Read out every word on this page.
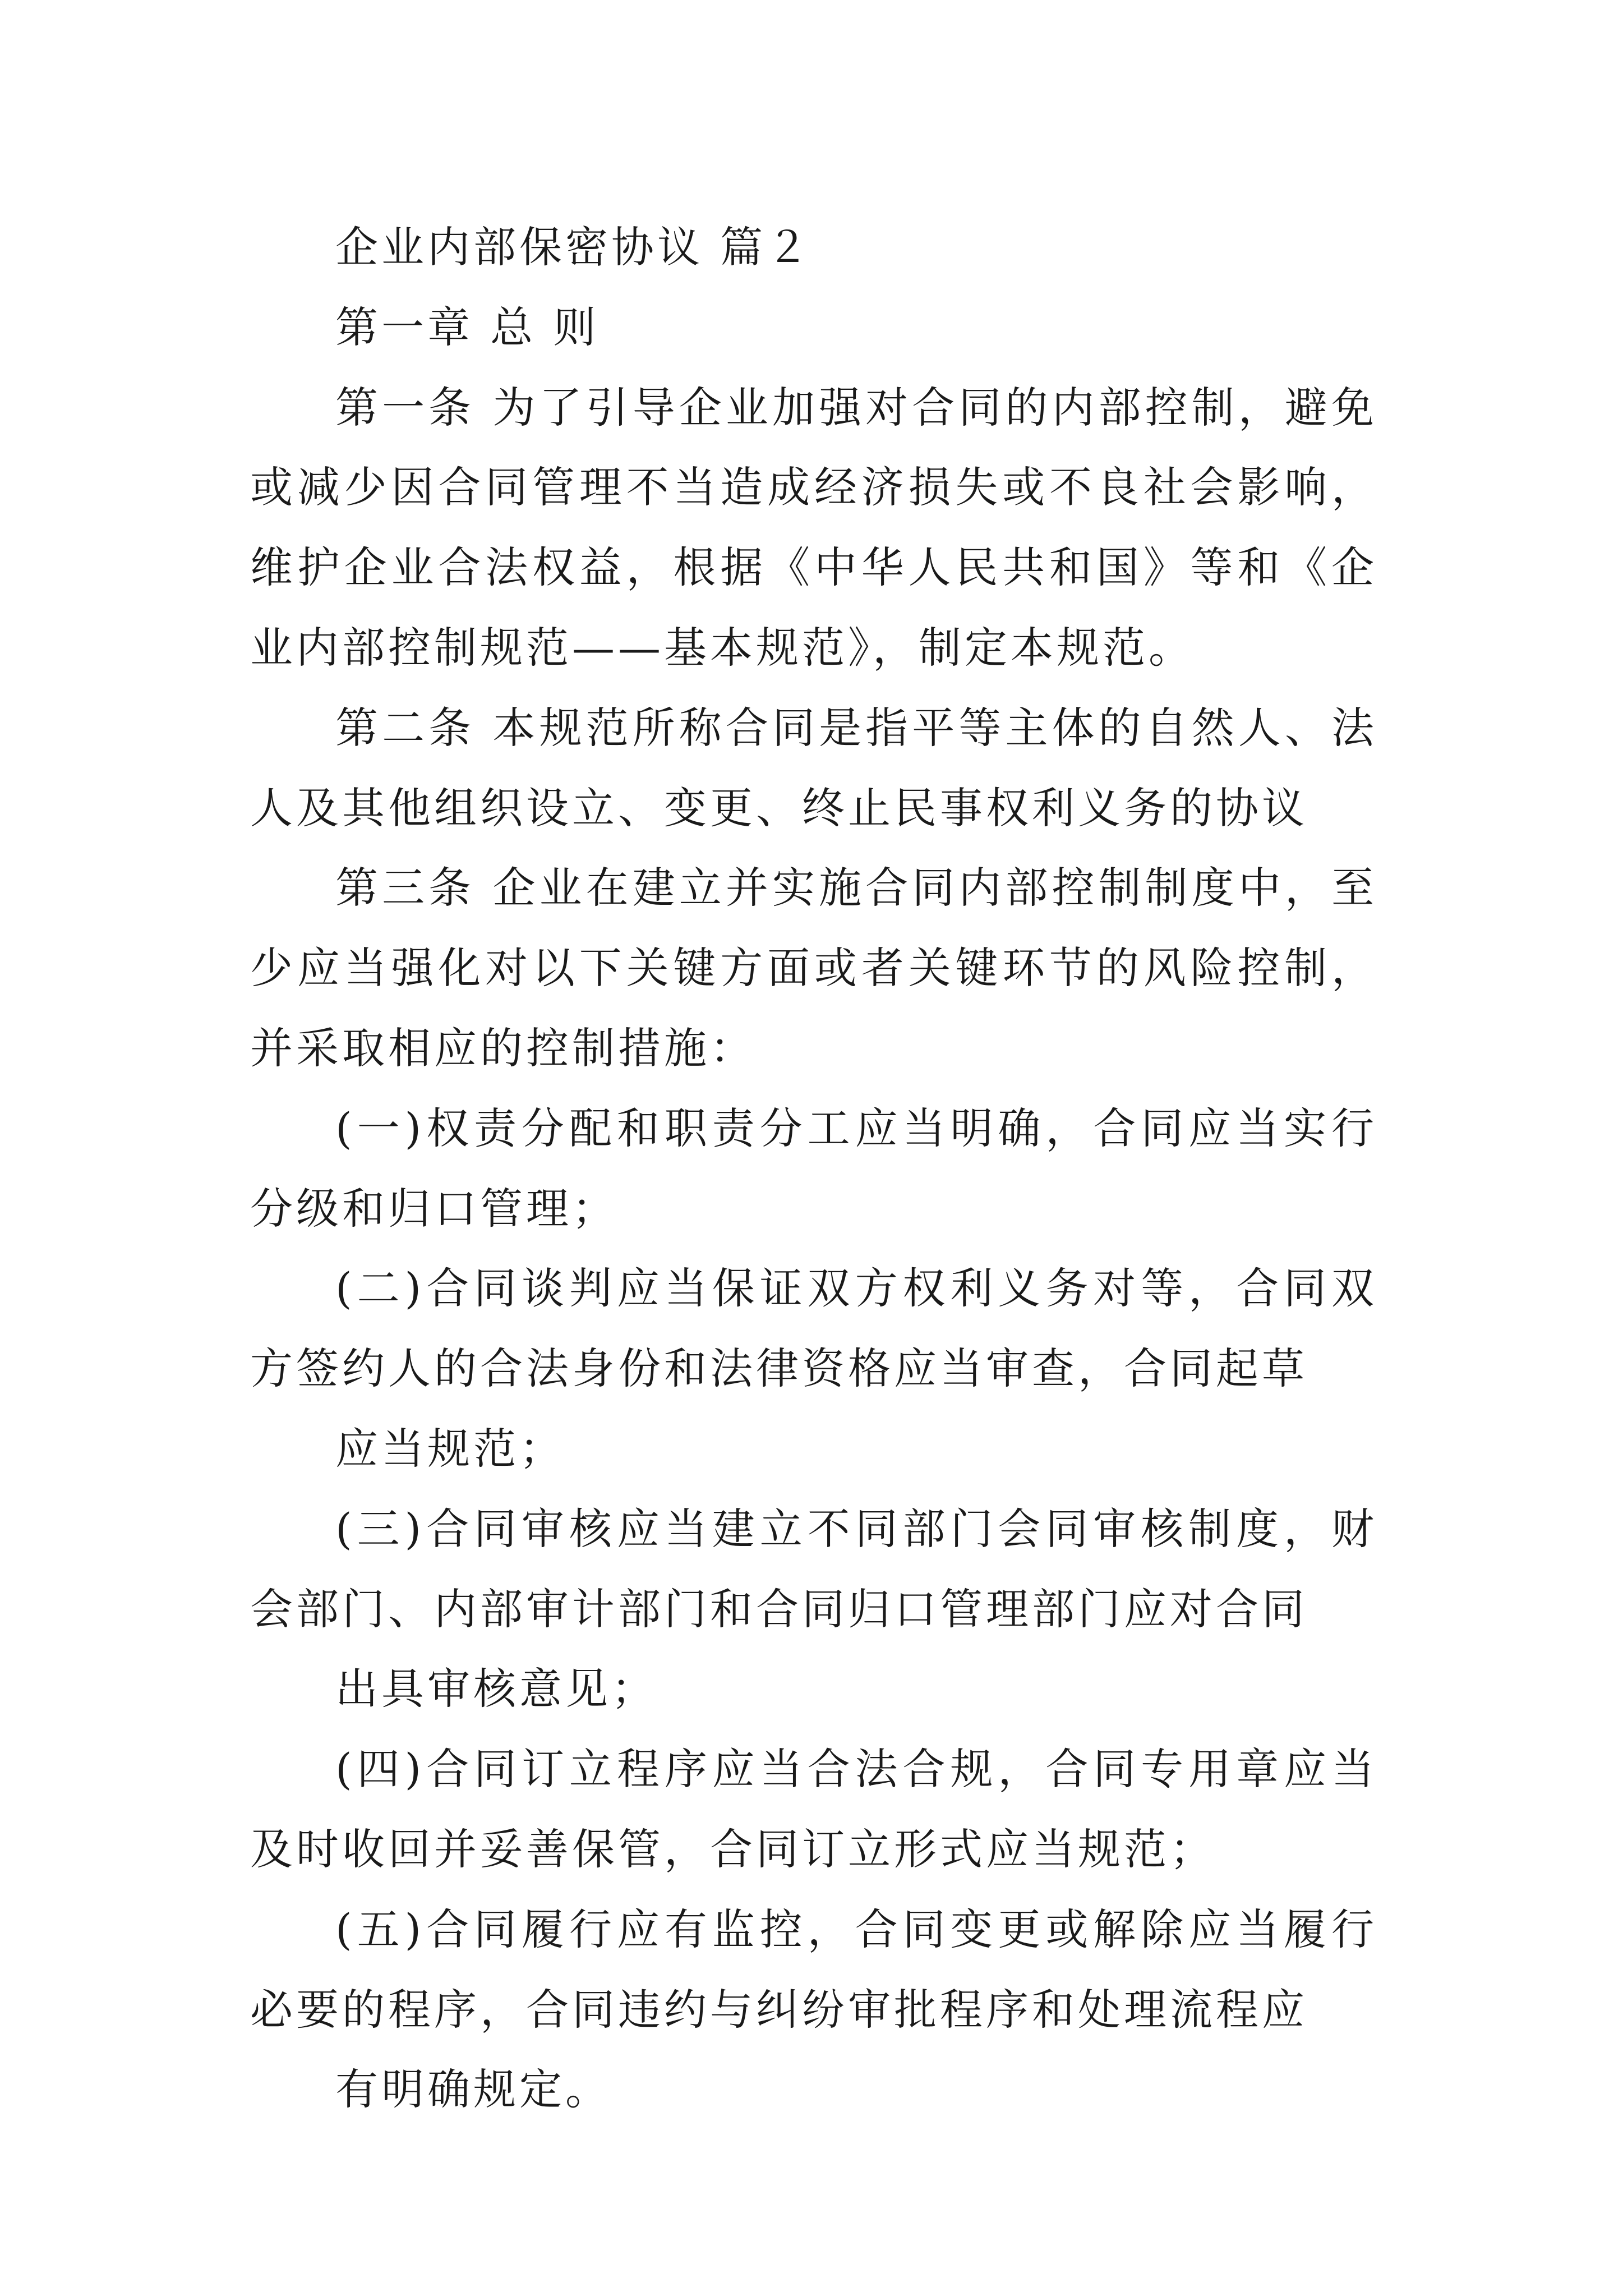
企业内部保密协议 篇２

第一章 总 则

第一条 为了引导企业加强对合同的内部控制，避免或减少因合同管理不当造成经济损失或不良社会影响，维护企业合法权益，根据《中华人民共和国》等和《企业内部控制规范——基本规范》，制定本规范。

第二条 本规范所称合同是指平等主体的自然人、法人及其他组织设立、变更、终止民事权利义务的协议

第三条 企业在建立并实施合同内部控制制度中，至少应当强化对以下关键方面或者关键环节的风险控制，并采取相应的控制措施：

(一)权责分配和职责分工应当明确，合同应当实行分级和归口管理；

(二)合同谈判应当保证双方权利义务对等，合同双方签约人的合法身份和法律资格应当审查，合同起草

应当规范；

(三)合同审核应当建立不同部门会同审核制度，财会部门、内部审计部门和合同归口管理部门应对合同

出具审核意见；

(四)合同订立程序应当合法合规，合同专用章应当及时收回并妥善保管，合同订立形式应当规范；

(五)合同履行应有监控，合同变更或解除应当履行必要的程序，合同违约与纠纷审批程序和处理流程应

有明确规定。
